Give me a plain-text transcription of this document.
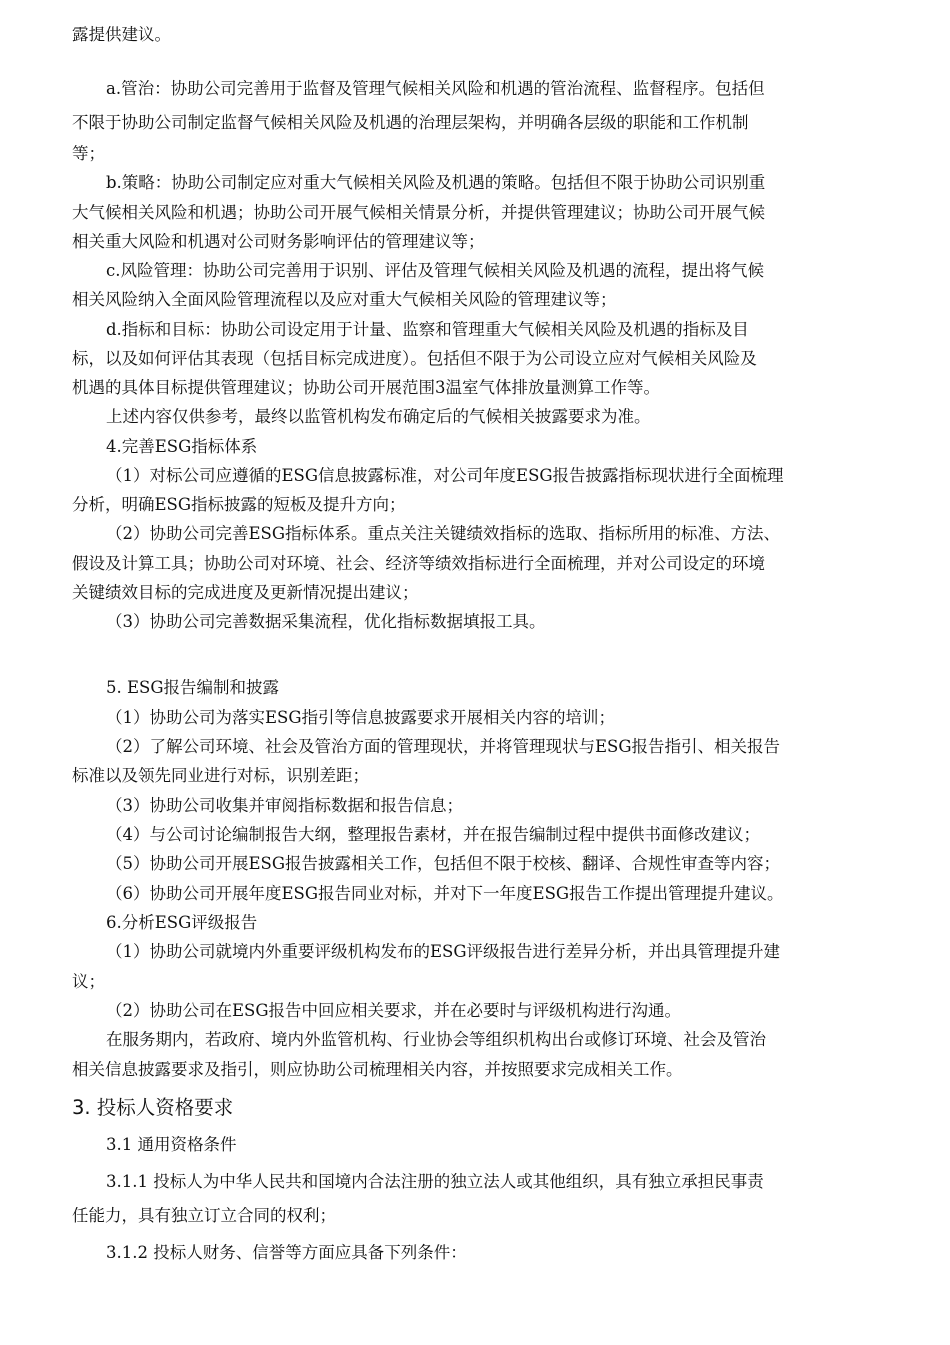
露提供建议。
a.管治：协助公司完善用于监督及管理气候相关风险和机遇的管治流程、监督程序。包括但
不限于协助公司制定监督气候相关风险及机遇的治理层架构，并明确各层级的职能和工作机制
等；
b.策略：协助公司制定应对重大气候相关风险及机遇的策略。包括但不限于协助公司识别重
大气候相关风险和机遇；协助公司开展气候相关情景分析，并提供管理建议；协助公司开展气候
相关重大风险和机遇对公司财务影响评估的管理建议等；
c.风险管理：协助公司完善用于识别、评估及管理气候相关风险及机遇的流程，提出将气候
相关风险纳入全面风险管理流程以及应对重大气候相关风险的管理建议等；
d.指标和目标：协助公司设定用于计量、监察和管理重大气候相关风险及机遇的指标及目
标，以及如何评估其表现（包括目标完成进度）。包括但不限于为公司设立应对气候相关风险及
机遇的具体目标提供管理建议；协助公司开展范围3温室气体排放量测算工作等。
上述内容仅供参考，最终以监管机构发布确定后的气候相关披露要求为准。
4.完善ESG指标体系
（1）对标公司应遵循的ESG信息披露标准，对公司年度ESG报告披露指标现状进行全面梳理
分析，明确ESG指标披露的短板及提升方向；
（2）协助公司完善ESG指标体系。重点关注关键绩效指标的选取、指标所用的标准、方法、
假设及计算工具；协助公司对环境、社会、经济等绩效指标进行全面梳理，并对公司设定的环境
关键绩效目标的完成进度及更新情况提出建议；
（3）协助公司完善数据采集流程，优化指标数据填报工具。
5. ESG报告编制和披露
（1）协助公司为落实ESG指引等信息披露要求开展相关内容的培训；
（2）了解公司环境、社会及管治方面的管理现状，并将管理现状与ESG报告指引、相关报告
标准以及领先同业进行对标，识别差距；
（3）协助公司收集并审阅指标数据和报告信息；
（4）与公司讨论编制报告大纲，整理报告素材，并在报告编制过程中提供书面修改建议；
（5）协助公司开展ESG报告披露相关工作，包括但不限于校核、翻译、合规性审查等内容；
（6）协助公司开展年度ESG报告同业对标，并对下一年度ESG报告工作提出管理提升建议。
6.分析ESG评级报告
（1）协助公司就境内外重要评级机构发布的ESG评级报告进行差异分析，并出具管理提升建
议；
（2）协助公司在ESG报告中回应相关要求，并在必要时与评级机构进行沟通。
在服务期内，若政府、境内外监管机构、行业协会等组织机构出台或修订环境、社会及管治
相关信息披露要求及指引，则应协助公司梳理相关内容，并按照要求完成相关工作。
3. 投标人资格要求
3.1 通用资格条件
3.1.1 投标人为中华人民共和国境内合法注册的独立法人或其他组织，具有独立承担民事责
任能力，具有独立订立合同的权利；
3.1.2 投标人财务、信誉等方面应具备下列条件：
